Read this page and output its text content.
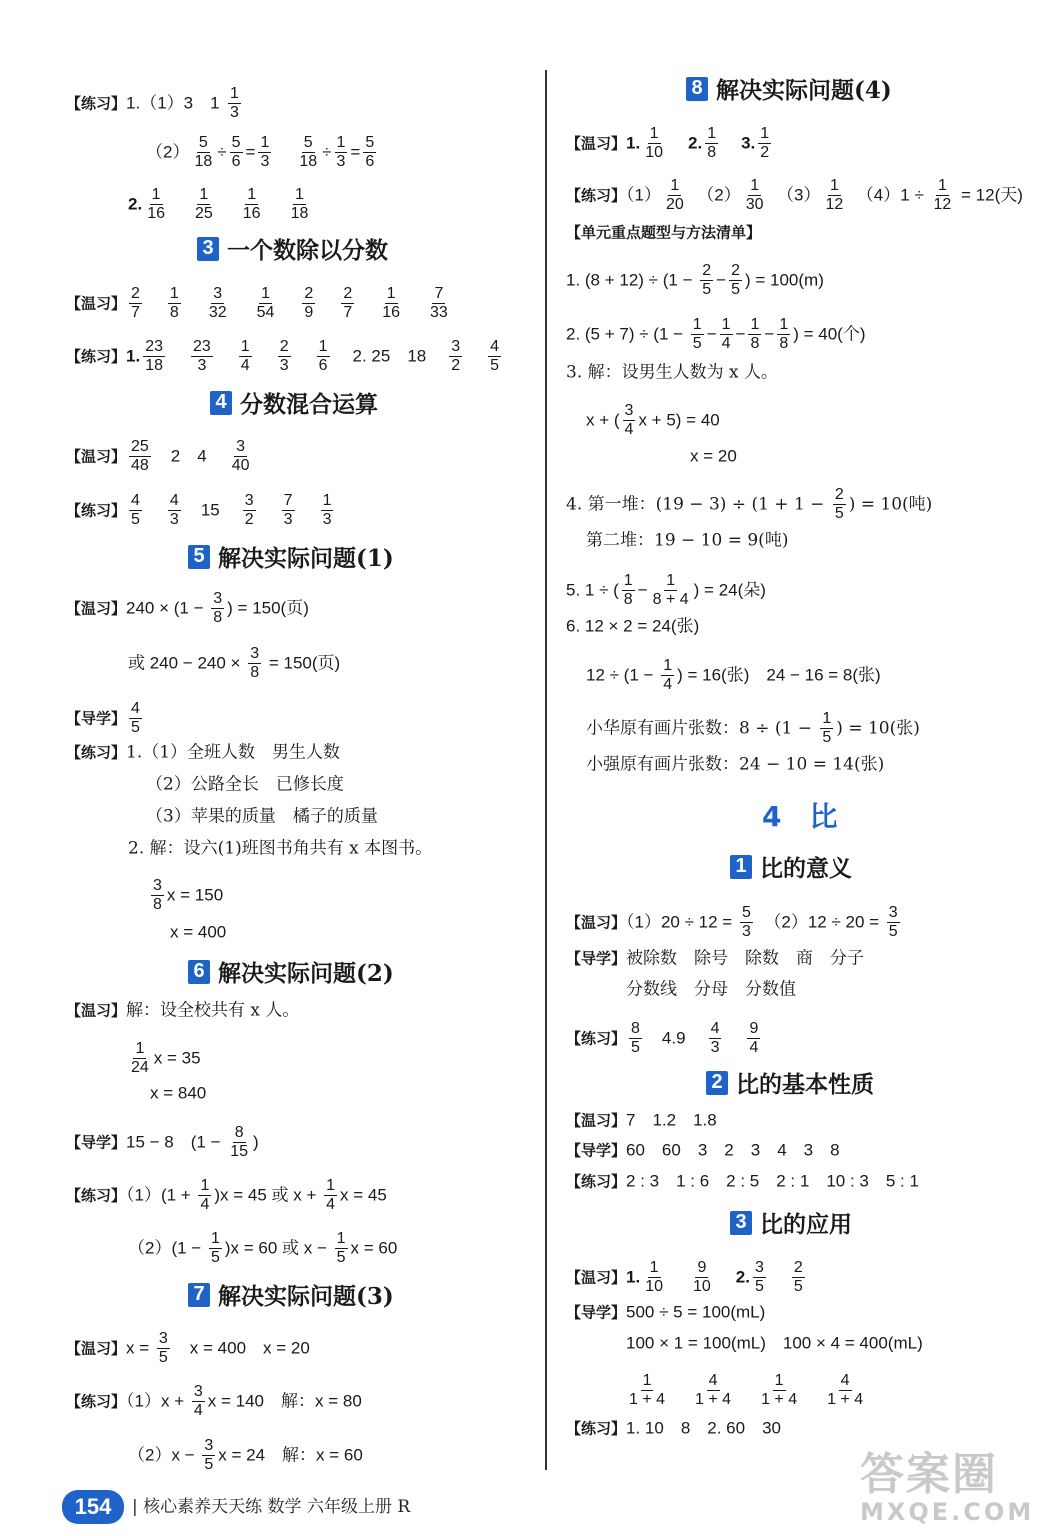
【练习】1.（1）3　$1 \frac{1}{3}$
$(2) \frac{5}{18} \div \frac{5}{6} = \frac{1}{3} \frac{5}{18} \div \frac{1}{3} = \frac{5}{6}$
2. $\frac{1}{16} \frac{1}{25} \frac{1}{16} \frac{1}{18}$
3 一个数除以分数
【温习】 $\frac{2}{7} \frac{1}{8} \frac{3}{32} \frac{1}{54} \frac{2}{9} \frac{2}{7} \frac{1}{16} \frac{7}{33}$
【练习】1. $\frac{23}{18} \frac{23}{3} \frac{1}{4} \frac{2}{3} \frac{1}{6} 2$. 25　$18 \frac{3}{2} \frac{4}{5}$
4 分数混合运算
【温习】 $\frac{25}{48}$ 　2　$4 \frac{3}{40}$
【练习】 $\frac{4}{5} \frac{4}{3}$ 　$15 \frac{3}{2} \frac{7}{3} \frac{1}{3}$
5 解决实际问题(1)
【温习】$240 \times (1 - \frac{3}{8}$ ) = 150(页)
或 $240 - 240 \times \frac{3}{8} = 150$(页)
【导学】 $\frac{4}{5}$
【练习】1.（1）全班人数　男生人数
（2）公路全长　已修长度
（3）苹果的质量　橘子的质量
2. 解：设六(1)班图书角共有 x 本图书。
$\frac{3}{8}$ x = 150
x = 400
6 解决实际问题(2)
【温习】解：设全校共有 x 人。
$\frac{1}{24}$ x = 35
x = 840
【导学】15 − 8　($1 - \frac{8}{15}$ )
【练习】$(1)(1 + \frac{1}{4} )x = 45$ 或 $x + \frac{1}{4}$ x = 45
$(2)(1 - \frac{1}{5} )x = 60$ 或 $x - \frac{1}{5}$ x = 60
7 解决实际问题(3)
【温习】$x = \frac{3}{5}$
　 x = 400　x = 20
【练习】$(1)x + \frac{3}{4}$ x = 140　解：x = 80
$(2)x - \frac{3}{5}$ x = 24　解：x = 60
8 解决实际问题(4)
【温习】1. $\frac{1}{10} 2$. $\frac{1}{8} 3$. $\frac{1}{2}$
【练习】$(1) \frac{1}{20}$ 　$(2) \frac{1}{30}$ 　$(3) \frac{1}{12}$ 　$(4)1 \div \frac{1}{12} = 12$(天)
【单元重点题型与方法清单】
1. $(8 + 12) \div (1 - \frac{2}{5} - \frac{2}{5}$ ) = 100(m)
2. $(5 + 7) \div (1 - \frac{1}{5} - \frac{1}{4} - \frac{1}{8} - \frac{1}{8}$ ) = 40(个)
3. 解：设男生人数为 x 人。
x + ( $\frac{3}{4}$ x + 5) = 40
x = 20
4. 第一堆：$(19 - 3) \div (1 + 1 - \frac{2}{5}$ ) = 10(吨)
第二堆：19 − 10 = 9(吨)
5. 1 ÷ ( $\frac{1}{8} - \frac{1}{8 + 4}$ ) = 24(朵)
6. 12 × 2 = 24(张)
$12 \div (1 - \frac{1}{4}$ ) = 16(张)　24 − 16 = 8(张)
小华原有画片张数：$8 \div (1 - \frac{1}{5}$ ) = 10(张)
小强原有画片张数：24 − 10 = 14(张)
4　比
1 比的意义
【温习】$(1)20 \div 12 = \frac{5}{3}$
　 $(2)12 \div 20 = \frac{3}{5}$
【导学】被除数　除号　除数　商　分子
分数线　分母　分数值
【练习】 $\frac{8}{5}$
　 $4.9 \frac{4}{3} \frac{9}{4}$
2 比的基本性质
【温习】7　1.2　1.8
【导学】60　60　3　2　3　4　3　8
【练习】2 : 3　1 : 6　2 : 5　2 : 1　10 : 3　5 : 1
3 比的应用
【温习】1. $\frac{1}{10} \frac{9}{10} 2$. $\frac{3}{5} \frac{2}{5}$
【导学】500 ÷ 5 = 100(mL)
100 × 1 = 100(mL)　100 × 4 = 400(mL)
$\frac{1}{1 + 4} \frac{4}{1 + 4} \frac{1}{1 + 4} \frac{4}{1 + 4}$
【练习】1. 10　8　2. 60　30
154	| 核心素养天天练 数学 六年级上册 R
答案圈
MXQE.COM
